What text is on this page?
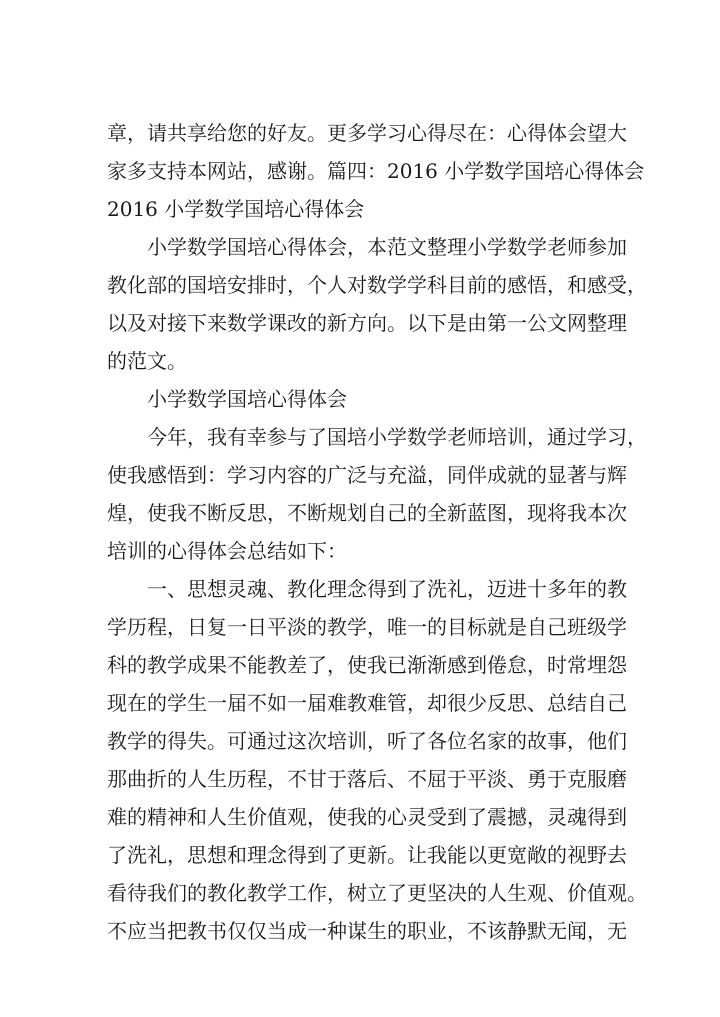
章，请共享给您的好友。更多学习心得尽在：心得体会望大
家多支持本网站，感谢。篇四：2016 小学数学国培心得体会
2016 小学数学国培心得体会
小学数学国培心得体会，本范文整理小学数学老师参加
教化部的国培安排时，个人对数学学科目前的感悟，和感受，
以及对接下来数学课改的新方向。以下是由第一公文网整理
的范文。
小学数学国培心得体会
今年，我有幸参与了国培小学数学老师培训，通过学习，
使我感悟到：学习内容的广泛与充溢，同伴成就的显著与辉
煌，使我不断反思，不断规划自己的全新蓝图，现将我本次
培训的心得体会总结如下：
一、思想灵魂、教化理念得到了洗礼，迈进十多年的教
学历程，日复一日平淡的教学，唯一的目标就是自己班级学
科的教学成果不能教差了，使我已渐渐感到倦怠，时常埋怨
现在的学生一届不如一届难教难管，却很少反思、总结自己
教学的得失。可通过这次培训，听了各位名家的故事，他们
那曲折的人生历程，不甘于落后、不屈于平淡、勇于克服磨
难的精神和人生价值观，使我的心灵受到了震撼，灵魂得到
了洗礼，思想和理念得到了更新。让我能以更宽敞的视野去
看待我们的教化教学工作，树立了更坚决的人生观、价值观。
不应当把教书仅仅当成一种谋生的职业，不该静默无闻，无
